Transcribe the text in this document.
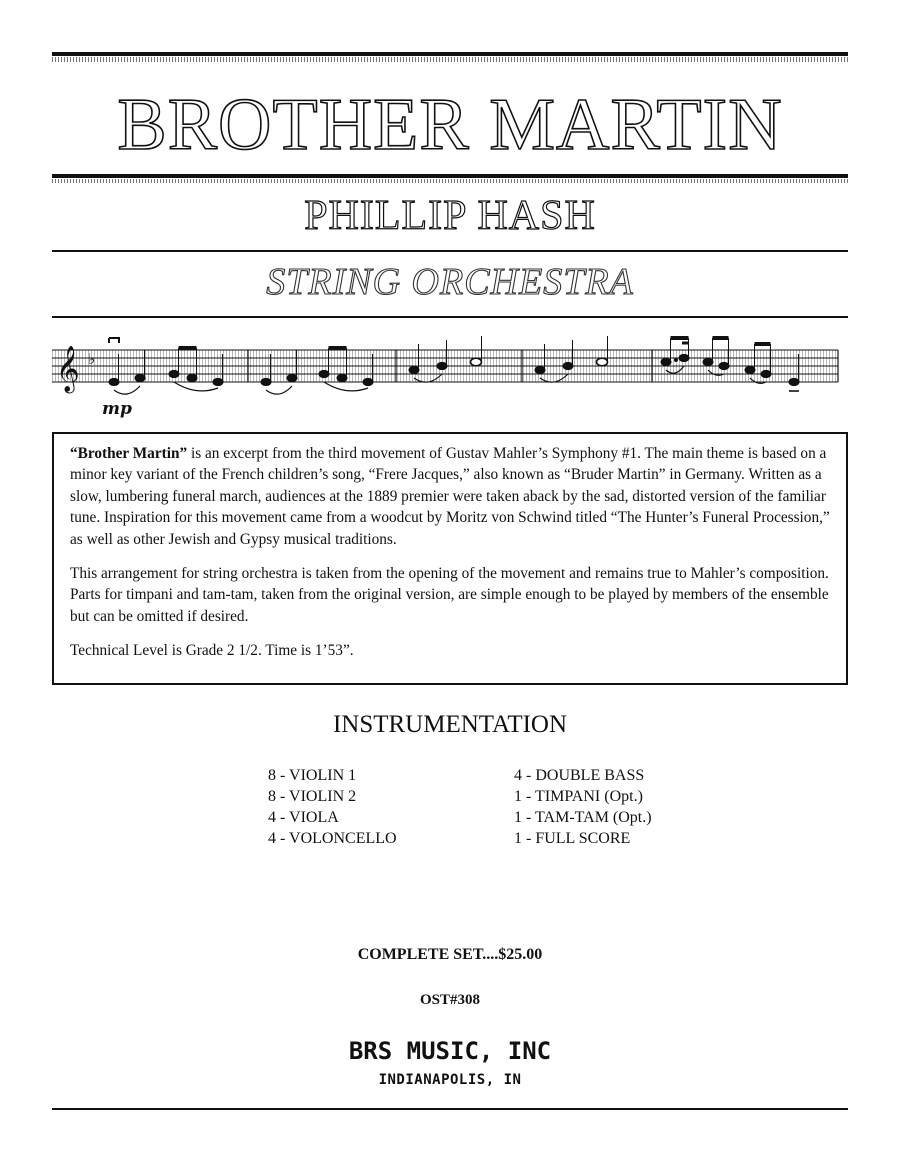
BROTHER MARTIN
PHILLIP HASH
STRING ORCHESTRA
𝄞 ♭
mp

“Brother Martin” is an excerpt from the third movement of Gustav Mahler’s Symphony #1. The main theme is based on a minor key variant of the French children’s song, “Frere Jacques,” also known as “Bruder Martin” in Germany. Written as a slow, lumbering funeral march, audiences at the 1889 premier were taken aback by the sad, distorted version of the familiar tune. Inspiration for this movement came from a woodcut by Moritz von Schwind titled “The Hunter’s Funeral Procession,” as well as other Jewish and Gypsy musical traditions.

This arrangement for string orchestra is taken from the opening of the movement and remains true to Mahler’s composition. Parts for timpani and tam-tam, taken from the original version, are simple enough to be played by members of the ensemble but can be omitted if desired.

Technical Level is Grade 2 1/2. Time is 1’53”.

INSTRUMENTATION
8 - VIOLIN 1
8 - VIOLIN 2
4 - VIOLA
4 - VOLONCELLO
4 - DOUBLE BASS
1 - TIMPANI (Opt.)
1 - TAM-TAM (Opt.)
1 - FULL SCORE
COMPLETE SET....$25.00
OST#308
BRS MUSIC, INC
INDIANAPOLIS, IN
